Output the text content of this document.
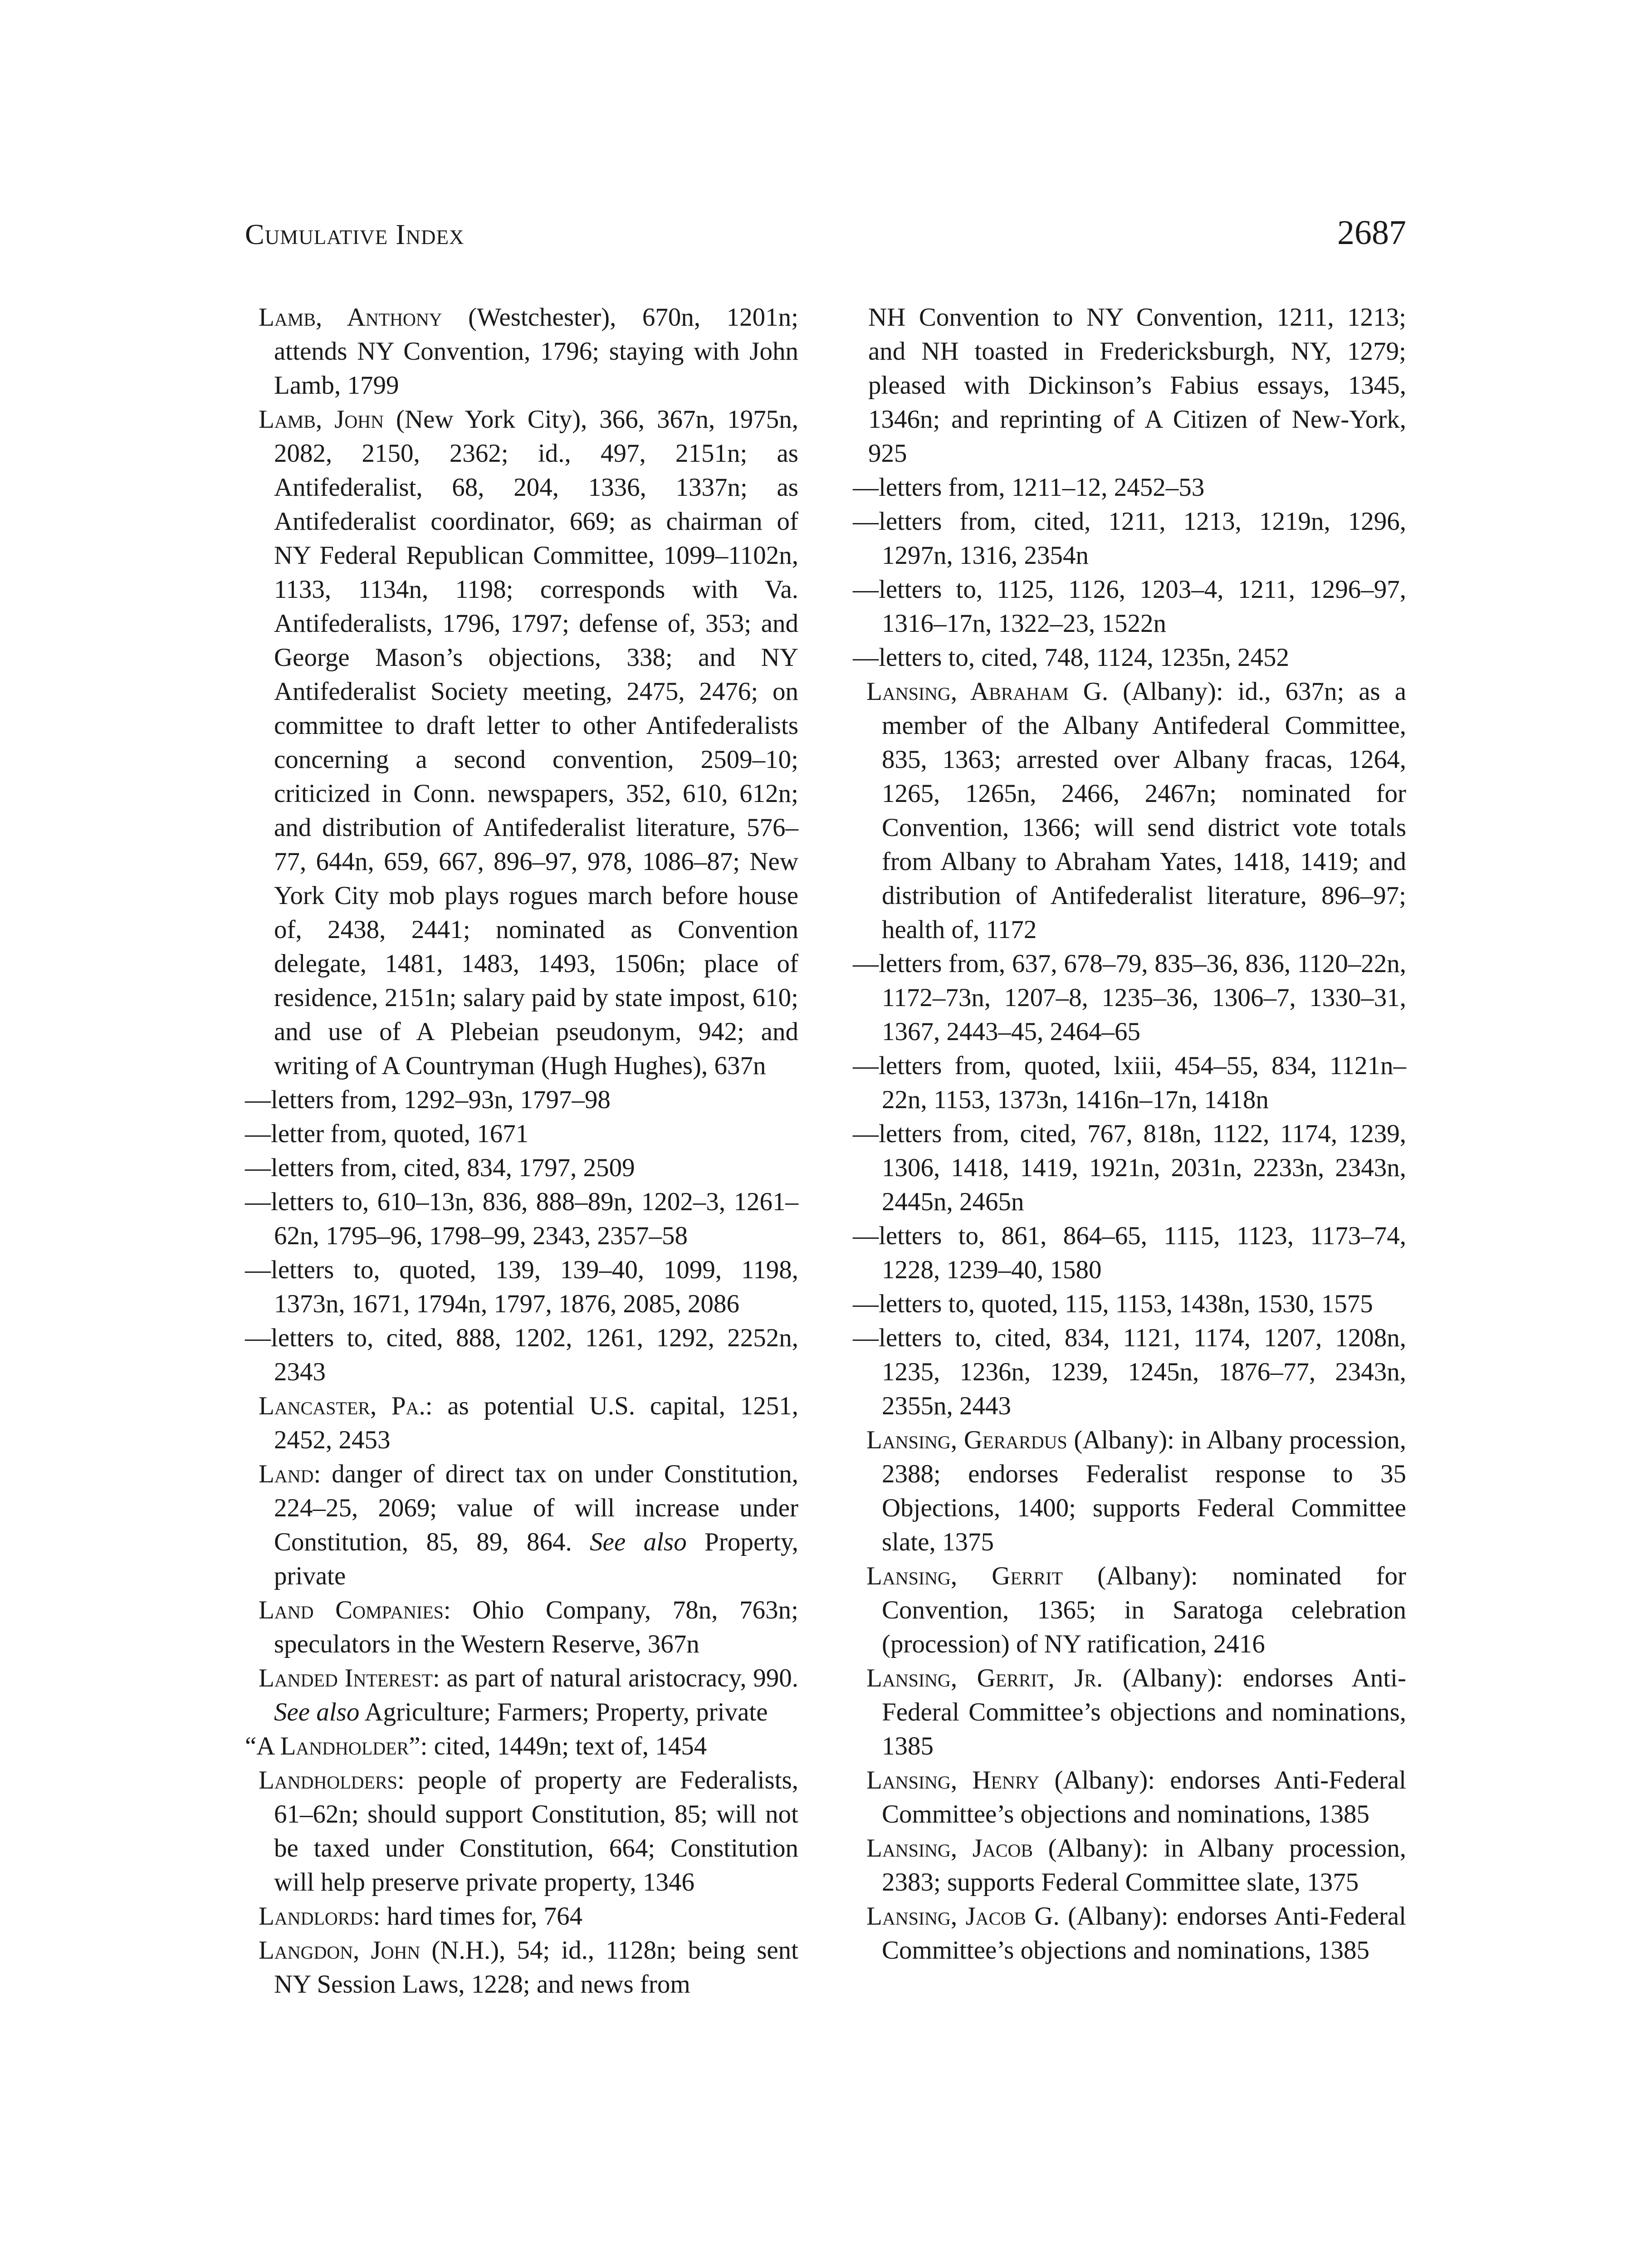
Cumulative Index	2687

Lamb, Anthony (Westchester), 670n, 1201n; attends NY Convention, 1796; staying with John Lamb, 1799

Lamb, John (New York City), 366, 367n, 1975n, 2082, 2150, 2362; id., 497, 2151n; as Antifederalist, 68, 204, 1336, 1337n; as Antifederalist coordinator, 669; as chairman of NY Federal Republican Committee, 1099–1102n, 1133, 1134n, 1198; corresponds with Va. Antifederalists, 1796, 1797; defense of, 353; and George Mason’s objections, 338; and NY Antifederalist Society meeting, 2475, 2476; on committee to draft letter to other Antifederalists concerning a second convention, 2509–10; criticized in Conn. newspapers, 352, 610, 612n; and distribution of Antifederalist literature, 576–77, 644n, 659, 667, 896–97, 978, 1086–87; New York City mob plays rogues march before house of, 2438, 2441; nominated as Convention delegate, 1481, 1483, 1493, 1506n; place of residence, 2151n; salary paid by state impost, 610; and use of A Plebeian pseudonym, 942; and writing of A Countryman (Hugh Hughes), 637n

—letters from, 1292–93n, 1797–98

—letter from, quoted, 1671

—letters from, cited, 834, 1797, 2509

—letters to, 610–13n, 836, 888–89n, 1202–3, 1261–62n, 1795–96, 1798–99, 2343, 2357–58

—letters to, quoted, 139, 139–40, 1099, 1198, 1373n, 1671, 1794n, 1797, 1876, 2085, 2086

—letters to, cited, 888, 1202, 1261, 1292, 2252n, 2343

Lancaster, Pa.: as potential U.S. capital, 1251, 2452, 2453

Land: danger of direct tax on under Constitution, 224–25, 2069; value of will increase under Constitution, 85, 89, 864. See also Property, private

Land Companies: Ohio Company, 78n, 763n; speculators in the Western Reserve, 367n

Landed Interest: as part of natural aristocracy, 990. See also Agriculture; Farmers; Property, private

“A Landholder”: cited, 1449n; text of, 1454

Landholders: people of property are Federalists, 61–62n; should support Constitution, 85; will not be taxed under Constitution, 664; Constitution will help preserve private property, 1346

Landlords: hard times for, 764

Langdon, John (N.H.), 54; id., 1128n; being sent NY Session Laws, 1228; and news from

NH Convention to NY Convention, 1211, 1213; and NH toasted in Fredericksburgh, NY, 1279; pleased with Dickinson’s Fabius essays, 1345, 1346n; and reprinting of A Citizen of New-York, 925

—letters from, 1211–12, 2452–53

—letters from, cited, 1211, 1213, 1219n, 1296, 1297n, 1316, 2354n

—letters to, 1125, 1126, 1203–4, 1211, 1296–97, 1316–17n, 1322–23, 1522n

—letters to, cited, 748, 1124, 1235n, 2452

Lansing, Abraham G. (Albany): id., 637n; as a member of the Albany Antifederal Committee, 835, 1363; arrested over Albany fracas, 1264, 1265, 1265n, 2466, 2467n; nominated for Convention, 1366; will send district vote totals from Albany to Abraham Yates, 1418, 1419; and distribution of Antifederalist literature, 896–97; health of, 1172

—letters from, 637, 678–79, 835–36, 836, 1120–22n, 1172–73n, 1207–8, 1235–36, 1306–7, 1330–31, 1367, 2443–45, 2464–65

—letters from, quoted, lxiii, 454–55, 834, 1121n–22n, 1153, 1373n, 1416n–17n, 1418n

—letters from, cited, 767, 818n, 1122, 1174, 1239, 1306, 1418, 1419, 1921n, 2031n, 2233n, 2343n, 2445n, 2465n

—letters to, 861, 864–65, 1115, 1123, 1173–74, 1228, 1239–40, 1580

—letters to, quoted, 115, 1153, 1438n, 1530, 1575

—letters to, cited, 834, 1121, 1174, 1207, 1208n, 1235, 1236n, 1239, 1245n, 1876–77, 2343n, 2355n, 2443

Lansing, Gerardus (Albany): in Albany procession, 2388; endorses Federalist response to 35 Objections, 1400; supports Federal Committee slate, 1375

Lansing, Gerrit (Albany): nominated for Convention, 1365; in Saratoga celebration (procession) of NY ratification, 2416

Lansing, Gerrit, Jr. (Albany): endorses Anti-Federal Committee’s objections and nominations, 1385

Lansing, Henry (Albany): endorses Anti-Federal Committee’s objections and nominations, 1385

Lansing, Jacob (Albany): in Albany procession, 2383; supports Federal Committee slate, 1375

Lansing, Jacob G. (Albany): endorses Anti-Federal Committee’s objections and nominations, 1385
